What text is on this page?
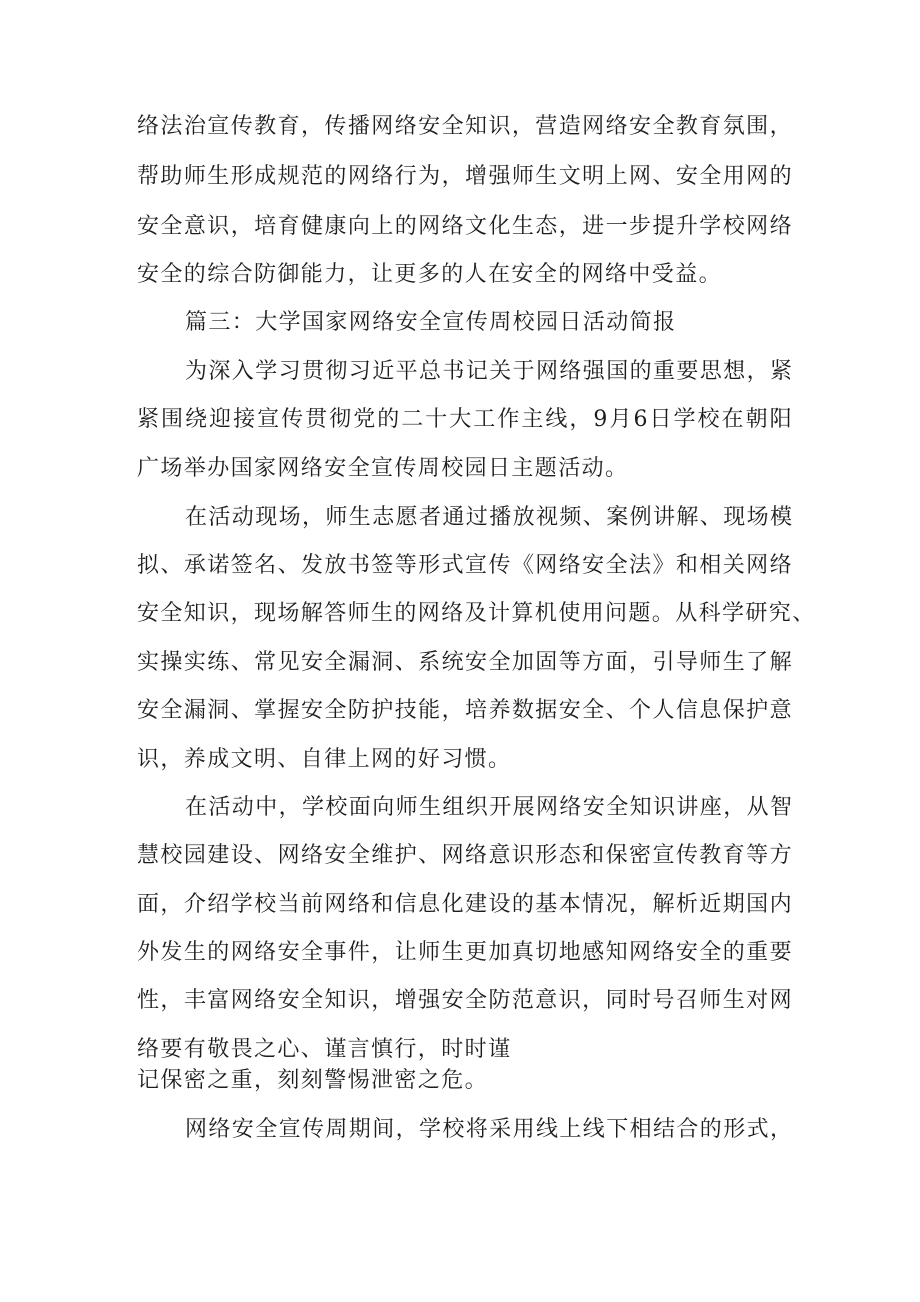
络法治宣传教育，传播网络安全知识，营造网络安全教育氛围，
帮助师生形成规范的网络行为，增强师生文明上网、安全用网的
安全意识，培育健康向上的网络文化生态，进一步提升学校网络
安全的综合防御能力，让更多的人在安全的网络中受益。
篇三：大学国家网络安全宣传周校园日活动简报
为深入学习贯彻习近平总书记关于网络强国的重要思想，紧
紧围绕迎接宣传贯彻党的二十大工作主线，9月6日学校在朝阳
广场举办国家网络安全宣传周校园日主题活动。
在活动现场，师生志愿者通过播放视频、案例讲解、现场模
拟、承诺签名、发放书签等形式宣传《网络安全法》和相关网络
安全知识，现场解答师生的网络及计算机使用问题。从科学研究、
实操实练、常见安全漏洞、系统安全加固等方面，引导师生了解
安全漏洞、掌握安全防护技能，培养数据安全、个人信息保护意
识，养成文明、自律上网的好习惯。
在活动中，学校面向师生组织开展网络安全知识讲座，从智
慧校园建设、网络安全维护、网络意识形态和保密宣传教育等方
面，介绍学校当前网络和信息化建设的基本情况，解析近期国内
外发生的网络安全事件，让师生更加真切地感知网络安全的重要
性，丰富网络安全知识，增强安全防范意识，同时号召师生对网
络要有敬畏之心、谨言慎行，时时谨
记保密之重，刻刻警惕泄密之危。
网络安全宣传周期间，学校将采用线上线下相结合的形式，
